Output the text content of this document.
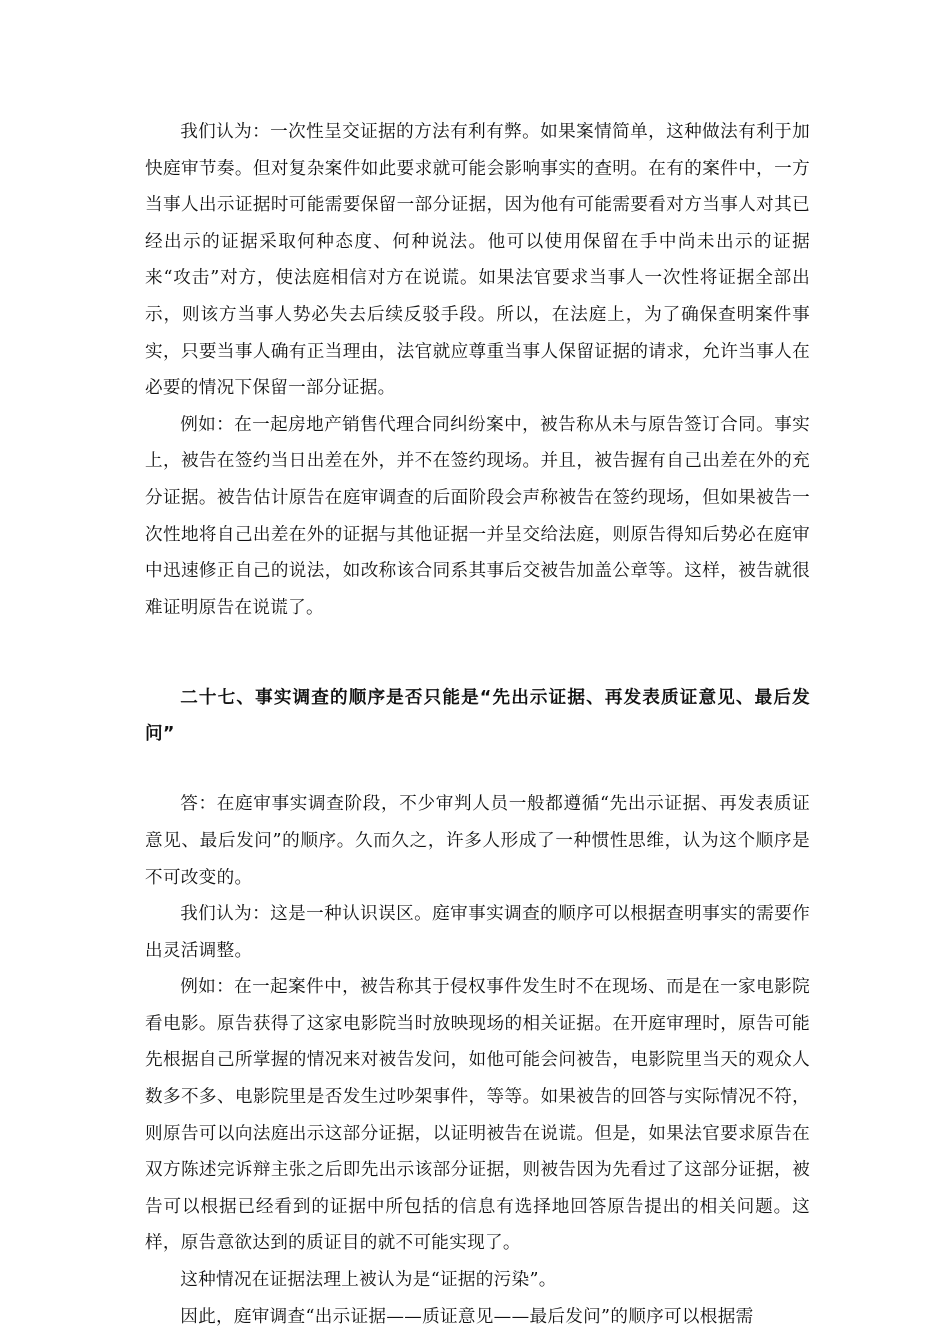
我们认为：一次性呈交证据的方法有利有弊。如果案情简单，这种做法有利于加快庭审节奏。但对复杂案件如此要求就可能会影响事实的查明。在有的案件中，一方当事人出示证据时可能需要保留一部分证据，因为他有可能需要看对方当事人对其已经出示的证据采取何种态度、何种说法。他可以使用保留在手中尚未出示的证据来“攻击”对方，使法庭相信对方在说谎。如果法官要求当事人一次性将证据全部出示，则该方当事人势必失去后续反驳手段。所以，在法庭上，为了确保查明案件事实，只要当事人确有正当理由，法官就应尊重当事人保留证据的请求，允许当事人在必要的情况下保留一部分证据。

例如：在一起房地产销售代理合同纠纷案中，被告称从未与原告签订合同。事实上，被告在签约当日出差在外，并不在签约现场。并且，被告握有自己出差在外的充分证据。被告估计原告在庭审调查的后面阶段会声称被告在签约现场，但如果被告一次性地将自己出差在外的证据与其他证据一并呈交给法庭，则原告得知后势必在庭审中迅速修正自己的说法，如改称该合同系其事后交被告加盖公章等。这样，被告就很难证明原告在说谎了。

二十七、事实调查的顺序是否只能是“先出示证据、再发表质证意见、最后发问”

答：在庭审事实调查阶段，不少审判人员一般都遵循“先出示证据、再发表质证意见、最后发问”的顺序。久而久之，许多人形成了一种惯性思维，认为这个顺序是不可改变的。

我们认为：这是一种认识误区。庭审事实调查的顺序可以根据查明事实的需要作出灵活调整。

例如：在一起案件中，被告称其于侵权事件发生时不在现场、而是在一家电影院看电影。原告获得了这家电影院当时放映现场的相关证据。在开庭审理时，原告可能先根据自己所掌握的情况来对被告发问，如他可能会问被告，电影院里当天的观众人数多不多、电影院里是否发生过吵架事件，等等。如果被告的回答与实际情况不符，则原告可以向法庭出示这部分证据，以证明被告在说谎。但是，如果法官要求原告在双方陈述完诉辩主张之后即先出示该部分证据，则被告因为先看过了这部分证据，被告可以根据已经看到的证据中所包括的信息有选择地回答原告提出的相关问题。这样，原告意欲达到的质证目的就不可能实现了。

这种情况在证据法理上被认为是“证据的污染”。

因此，庭审调查“出示证据——质证意见——最后发问”的顺序可以根据需
